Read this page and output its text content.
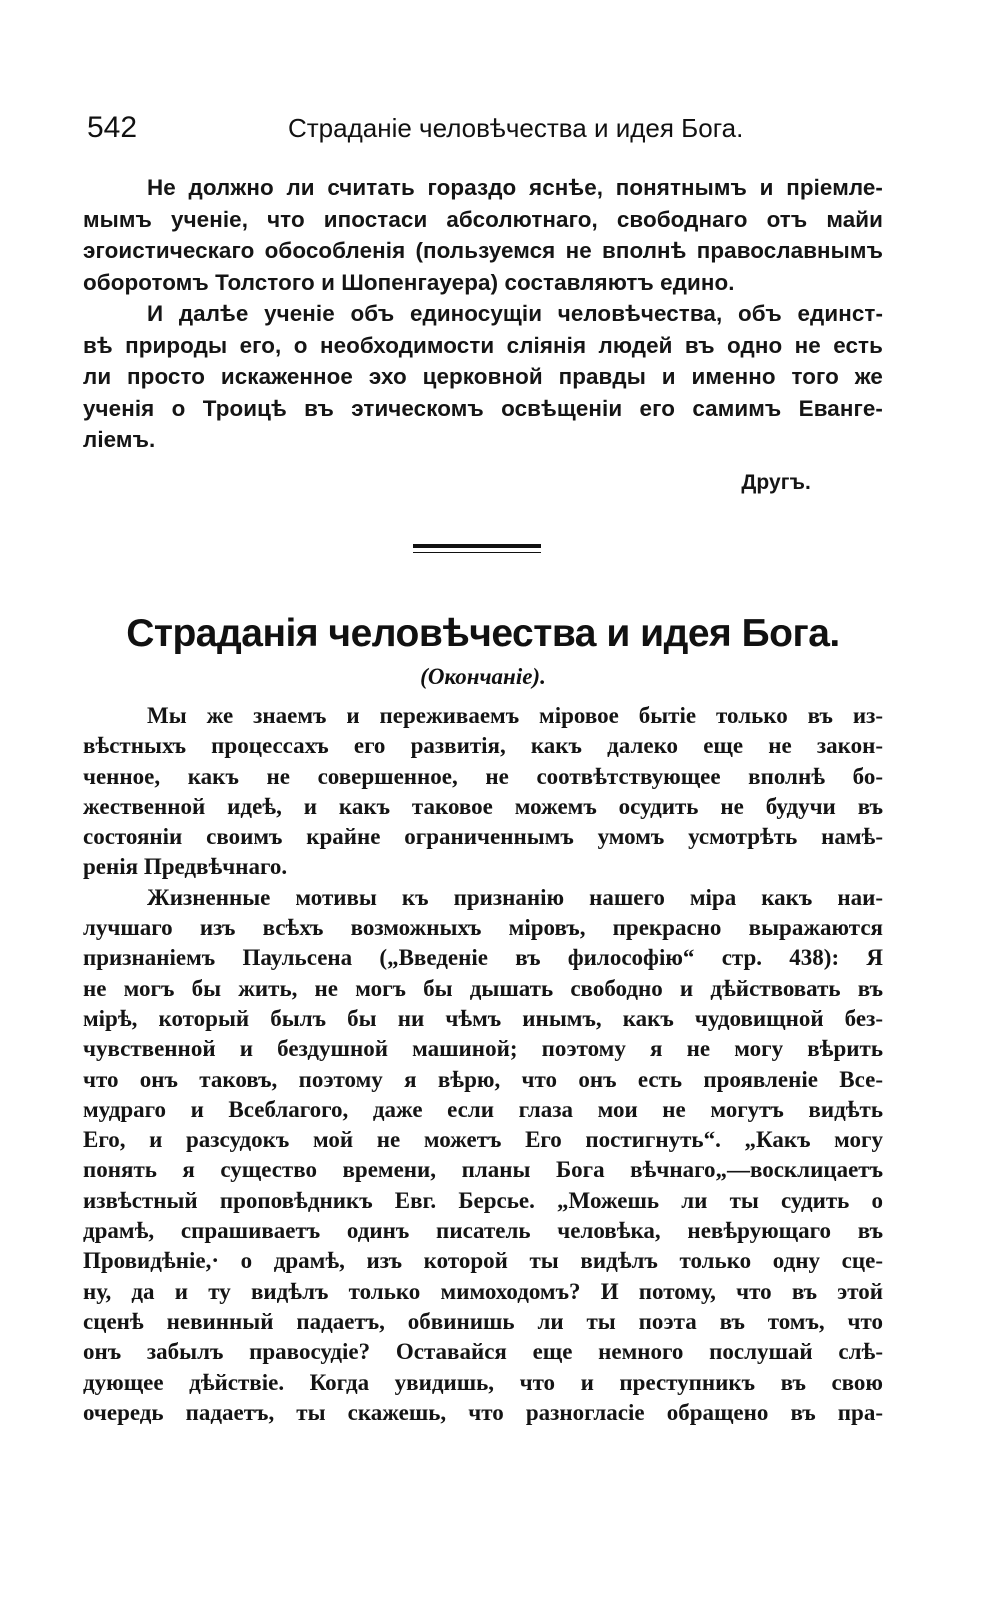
542	Страданіе человѣчества и идея Бога.
Не должно ли считать гораздо яснѣе, понятнымъ и пріемле-
мымъ ученіе, что ипостаси абсолютнаго, свободнаго отъ майи
эгоистическаго обособленія (пользуемся не вполнѣ православнымъ
оборотомъ Толстого и Шопенгауера) составляютъ едино.
И далѣе ученіе объ единосущіи человѣчества, объ единст-
вѣ природы его, о необходимости сліянія людей въ одно не есть
ли просто искаженное эхо церковной правды и именно того же
ученія о Троицѣ въ этическомъ освѣщеніи его самимъ Еванге-
ліемъ.
Другъ.
Страданія человѣчества и идея Бога.
(Окончаніе).
Мы же знаемъ и переживаемъ міровое бытіе только въ из-
вѣстныхъ процессахъ его развитія, какъ далеко еще не закон-
ченное, какъ не совершенное, не соотвѣтствующее вполнѣ бо-
жественной идеѣ, и какъ таковое можемъ осудить не будучи въ
состояніи своимъ крайне ограниченнымъ умомъ усмотрѣть намѣ-
ренія Предвѣчнаго.
Жизненные мотивы къ признанію нашего міра какъ наи-
лучшаго изъ всѣхъ возможныхъ міровъ, прекрасно выражаются
признаніемъ Паульсена („Введеніе въ философію“ стр. 438): Я
не могъ бы жить, не могъ бы дышать свободно и дѣйствовать въ
мірѣ, который былъ бы ни чѣмъ инымъ, какъ чудовищной без-
чувственной и бездушной машиной; поэтому я не могу вѣрить
что онъ таковъ, поэтому я вѣрю, что онъ есть проявленіе Все-
мудраго и Всеблагого, даже если глаза мои не могутъ видѣть
Его, и разсудокъ мой не можетъ Его постигнуть“. „Какъ могу
понять я существо времени, планы Бога вѣчнаго„—восклицаетъ
извѣстный проповѣдникъ Евг. Берсье. „Можешь ли ты судить о
драмѣ, спрашиваетъ одинъ писатель человѣка, невѣрующаго въ
Провидѣніе,· о драмѣ, изъ которой ты видѣлъ только одну сце-
ну, да и ту видѣлъ только мимоходомъ? И потому, что въ этой
сценѣ невинный падаетъ, обвинишь ли ты поэта въ томъ, что
онъ забылъ правосудіе? Оставайся еще немного послушай слѣ-
дующее дѣйствіе. Когда увидишь, что и преступникъ въ свою
очередь падаетъ, ты скажешь, что разногласіе обращено въ пра-
